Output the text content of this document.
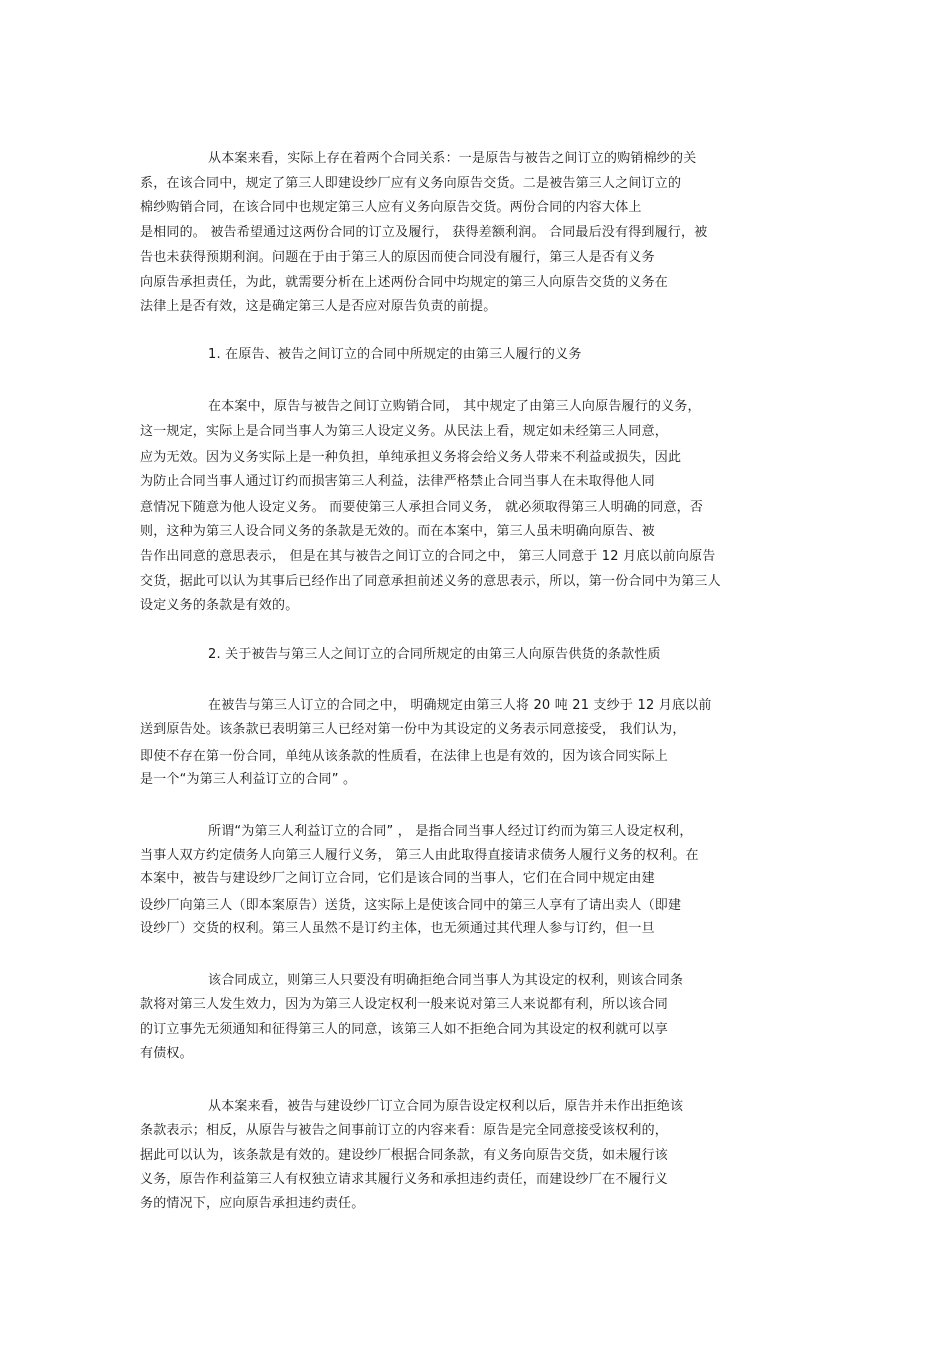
从本案来看，实际上存在着两个合同关系：一是原告与被告之间订立的购销棉纱的关
系，在该合同中，规定了第三人即建设纱厂应有义务向原告交货。二是被告第三人之间订立的
棉纱购销合同，在该合同中也规定第三人应有义务向原告交货。两份合同的内容大体上
是相同的。 被告希望通过这两份合同的订立及履行， 获得差额利润。 合同最后没有得到履行，被
告也未获得预期利润。问题在于由于第三人的原因而使合同没有履行，第三人是否有义务
向原告承担责任，为此，就需要分析在上述两份合同中均规定的第三人向原告交货的义务在
法律上是否有效，这是确定第三人是否应对原告负责的前提。
1. 在原告、被告之间订立的合同中所规定的由第三人履行的义务
在本案中，原告与被告之间订立购销合同， 其中规定了由第三人向原告履行的义务，
这一规定，实际上是合同当事人为第三人设定义务。从民法上看，规定如未经第三人同意，
应为无效。因为义务实际上是一种负担，单纯承担义务将会给义务人带来不利益或损失，因此
为防止合同当事人通过订约而损害第三人利益，法律严格禁止合同当事人在未取得他人同
意情况下随意为他人设定义务。 而要使第三人承担合同义务， 就必须取得第三人明确的同意，否
则，这种为第三人设合同义务的条款是无效的。而在本案中，第三人虽未明确向原告、被
告作出同意的意思表示， 但是在其与被告之间订立的合同之中， 第三人同意于 12 月底以前向原告
交货，据此可以认为其事后已经作出了同意承担前述义务的意思表示，所以，第一份合同中为第三人
设定义务的条款是有效的。
2. 关于被告与第三人之间订立的合同所规定的由第三人向原告供货的条款性质
在被告与第三人订立的合同之中， 明确规定由第三人将 20 吨 21 支纱于 12 月底以前
送到原告处。该条款已表明第三人已经对第一份中为其设定的义务表示同意接受， 我们认为，
即使不存在第一份合同，单纯从该条款的性质看，在法律上也是有效的，因为该合同实际上
是一个“为第三人利益订立的合同” 。
所谓“为第三人利益订立的合同” ， 是指合同当事人经过订约而为第三人设定权利，
当事人双方约定债务人向第三人履行义务， 第三人由此取得直接请求债务人履行义务的权利。在
本案中，被告与建设纱厂之间订立合同，它们是该合同的当事人，它们在合同中规定由建
设纱厂向第三人（即本案原告）送货，这实际上是使该合同中的第三人享有了请出卖人（即建
设纱厂）交货的权利。第三人虽然不是订约主体，也无须通过其代理人参与订约，但一旦
该合同成立，则第三人只要没有明确拒绝合同当事人为其设定的权利，则该合同条
款将对第三人发生效力，因为为第三人设定权利一般来说对第三人来说都有利，所以该合同
的订立事先无须通知和征得第三人的同意，该第三人如不拒绝合同为其设定的权利就可以享
有债权。
从本案来看，被告与建设纱厂订立合同为原告设定权利以后，原告并未作出拒绝该
条款表示；相反，从原告与被告之间事前订立的内容来看：原告是完全同意接受该权利的，
据此可以认为，该条款是有效的。建设纱厂根据合同条款，有义务向原告交货，如未履行该
义务，原告作利益第三人有权独立请求其履行义务和承担违约责任，而建设纱厂在不履行义
务的情况下，应向原告承担违约责任。
